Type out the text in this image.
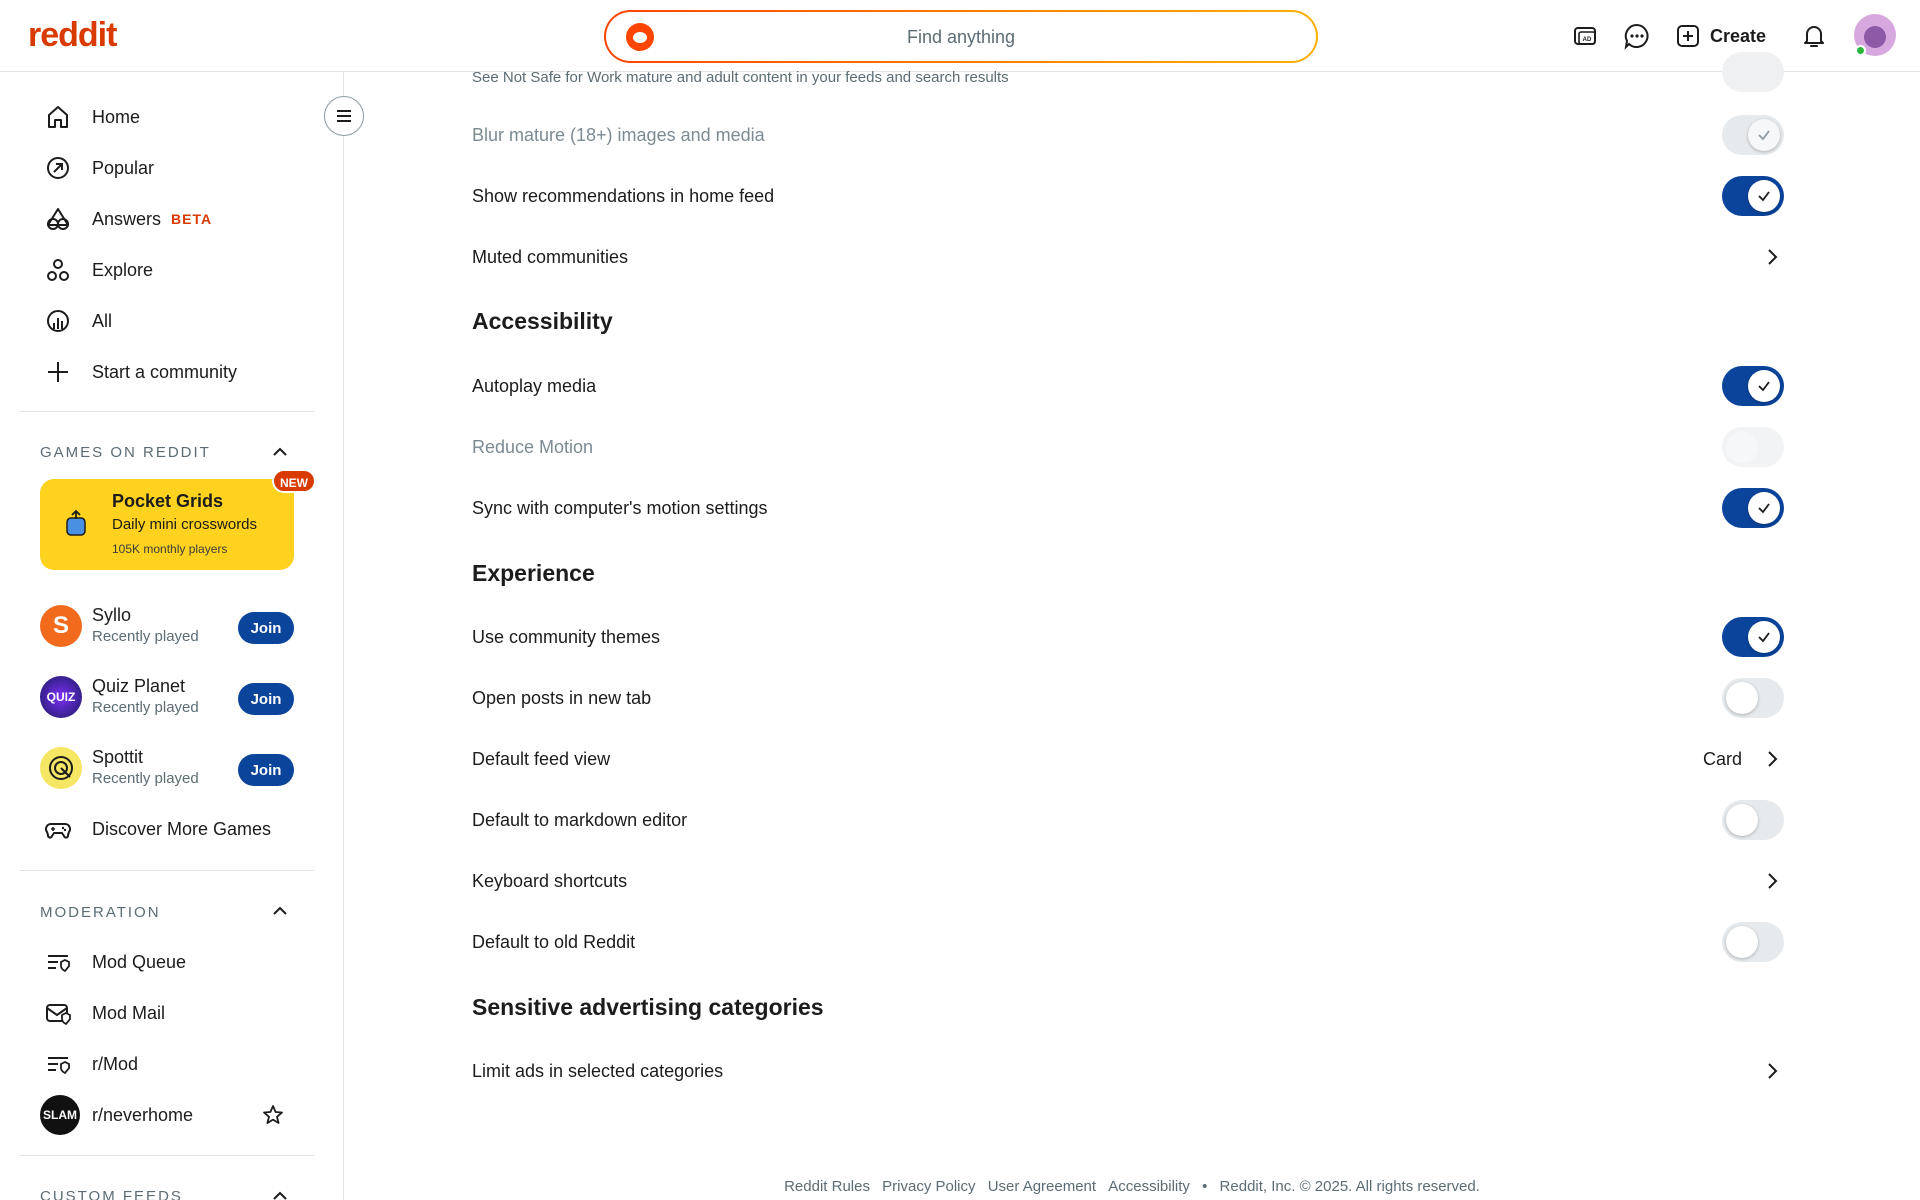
reddit	Find anything	AD	Create
Home
Popular
Answers BETA
Explore
All
Start a community
GAMES ON REDDIT
Pocket Grids
Daily mini crosswords
105K monthly players
NEW
S	Syllo
Recently played	Join
QUIZ
Quiz Planet
Recently played	Join
Spottit
Recently played	Join
Discover More Games
MODERATION
Mod Queue
Mod Mail
r/Mod
SLAM r/neverhome
CUSTOM FEEDS
See Not Safe for Work mature and adult content in your feeds and search results
Blur mature (18+) images and media
Show recommendations in home feed
Muted communities
Accessibility
Autoplay media
Reduce Motion
Sync with computer's motion settings
Experience
Use community themes
Open posts in new tab
Default feed view	Card
Default to markdown editor
Keyboard shortcuts
Default to old Reddit
Sensitive advertising categories
Limit ads in selected categories
Reddit Rules Privacy Policy User Agreement Accessibility • Reddit, Inc. © 2025. All rights reserved.
